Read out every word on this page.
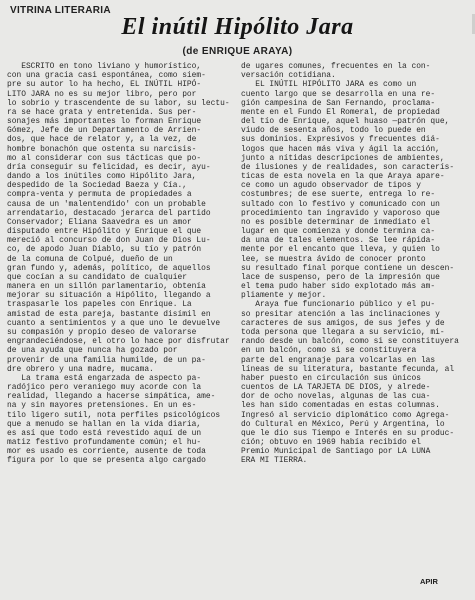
VITRINA LITERARIA
El inútil Hipólito Jara
(de ENRIQUE ARAYA)
ESCRITO en tono liviano y humorístico,
con una gracia casi espontánea, como siem-
pre su autor lo ha hecho, EL INÚTIL HIPÓ-
LITO JARA no es su mejor libro, pero por
lo sobrio y trascendente de su labor, su lectu-
ra se hace grata y entretenida. Sus per-
sonajes más importantes lo forman Enrique
Gómez, Jefe de un Departamento de Arrien-
dos, que hace de relator y, a la vez, de
hombre bonachón que ostenta su narcisis-
mo al considerar con sus tácticas que po-
dría conseguir su felicidad, es decir, ayu-
dando a los inútiles como Hipólito Jara,
despedido de la Sociedad Baeza y Cía.,
compra-venta y permuta de propiedades a
causa de un 'malentendido' con un probable
arrendatario, destacado jerarca del partido
Conservador; Eliana Saavedra es un amor
disputado entre Hipólito y Enrique el que
mereció al concurso de don Juan de Dios Lu-
co, de apodo Juan Diablo, su tío y patrón
de la comuna de Colpué, dueño de un
gran fundo y, además, político, de aquellos
que cocían a su candidato de cualquier
manera en un sillón parlamentario, obtenía
mejorar su situación a Hipólito, llegando a
traspasarle los papeles con Enrique. La
amistad de esta pareja, bastante disímil en
cuanto a sentimientos y a que uno le devuelve
su compasión y propio deseo de valorarse
engrandeciéndose, el otro lo hace por disfrutar
de una ayuda que nunca ha gozado por
provenir de una familia humilde, de un pa-
dre obrero y una madre, mucama.
La trama está engarzada de aspecto pa-
radójico pero veraniego muy acorde con la
realidad, llegando a hacerse simpática, ame-
na y sin mayores pretensiones. En un es-
tilo ligero sutil, nota perfiles psicológicos
que a menudo se hallan en la vida diaria,
es así que todo está revestido aquí de un
matiz festivo profundamente común; el hu-
mor es usado es corriente, ausente de toda
figura por lo que se presenta algo cargado
de ugares comunes, frecuentes en la con-
versación cotidiana.
EL INÚTIL HIPÓLITO JARA es como un
cuento largo que se desarrolla en una re-
gión campesina de San Fernando, proclama-
mente en el Fundo El Romeral, de propiedad
del tío de Enrique, aquel huaso —patrón que,
viudo de sesenta años, todo lo puede en
sus dominios. Expresivos y frecuentes diá-
logos que hacen más viva y ágil la acción,
junto a nítidas descripciones de ambientes,
de ilusiones y de realidades, son caracterís-
ticas de esta novela en la que Araya apare-
ce como un agudo observador de tipos y
costumbres; de ese suerte, entrega lo re-
sultado con lo festivo y comunicado con un
procedimiento tan ingravido y vaporoso que
no es posible determinar de inmediato el
lugar en que comienza y donde termina ca-
da una de tales elementos. Se lee rápida-
mente por el encanto que lleva, y quien lo
lee, se muestra ávido de conocer pronto
su resultado final porque contiene un descen-
lace de suspenso, pero de la impresión que
el tema pudo haber sido explotado más am-
pliamente y mejor.
Araya fue funcionario público y el pu-
so presitar atención a las inclinaciones y
caracteres de sus amigos, de sus jefes y de
toda persona que llegara a su servicio, mi-
rando desde un balcón, como si se constituyera
en un balcón, como si se constituyera
parte del engranaje para volcarlas en las
líneas de su literatura, bastante fecunda, al
haber puesto en circulación sus únicos
cuentos de LA TARJETA DE DIOS, y alrede-
dor de ocho novelas, algunas de las cua-
les han sido comentadas en estas columnas.
Ingresó al servicio diplomático como Agrega-
do Cultural en México, Perú y Argentina, lo
que le dio sus Tiempo e Interés en su produc-
ción; obtuvo en 1969 había recibido el
Premio Municipal de Santiago por LA LUNA
ERA MI TIERRA.
APIR
